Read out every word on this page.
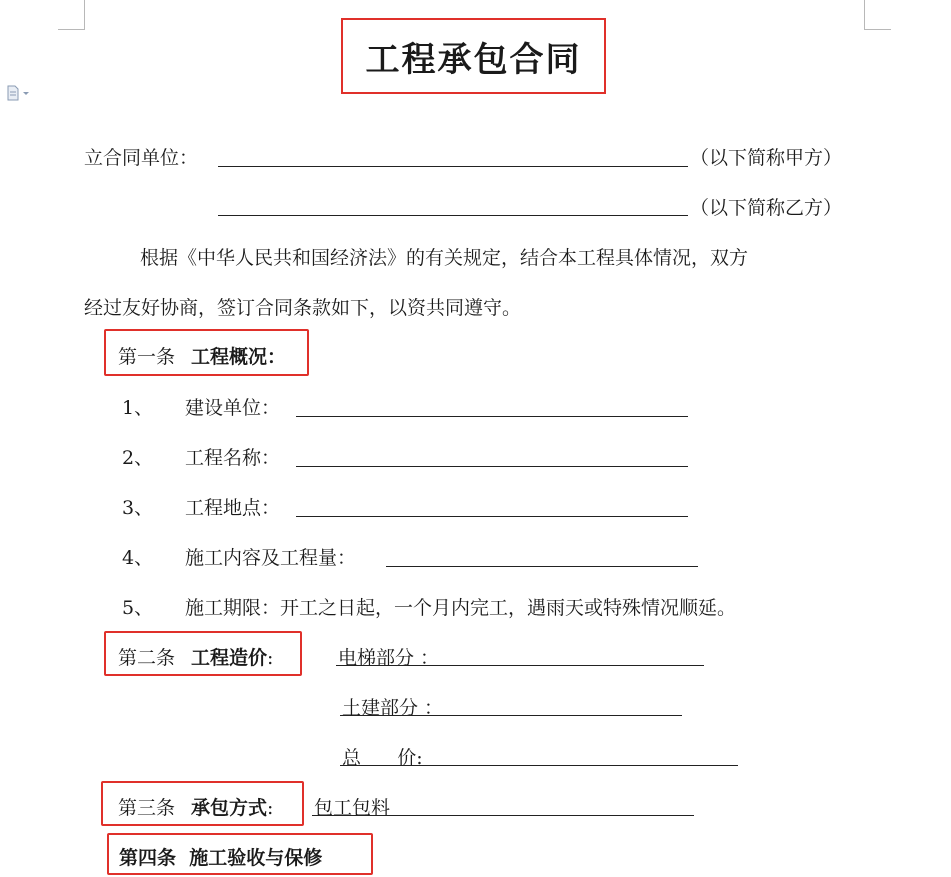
工程承包合同
立合同单位：	（以下简称甲方）
（以下简称乙方）
根据《中华人民共和国经济法》的有关规定，结合本工程具体情况，双方
经过友好协商，签订合同条款如下，以资共同遵守。
第一条 工程概况：
1、 建设单位：
2、 工程名称：
3、 工程地点：
4、 施工内容及工程量：
5、 施工期限：开工之日起，一个月内完工，遇雨天或特殊情况顺延。
第二条 工程造价:	电梯部分 ：
土建部分 ：
总      价:
第三条 承包方式: 包工包料
第四条  施工验收与保修
